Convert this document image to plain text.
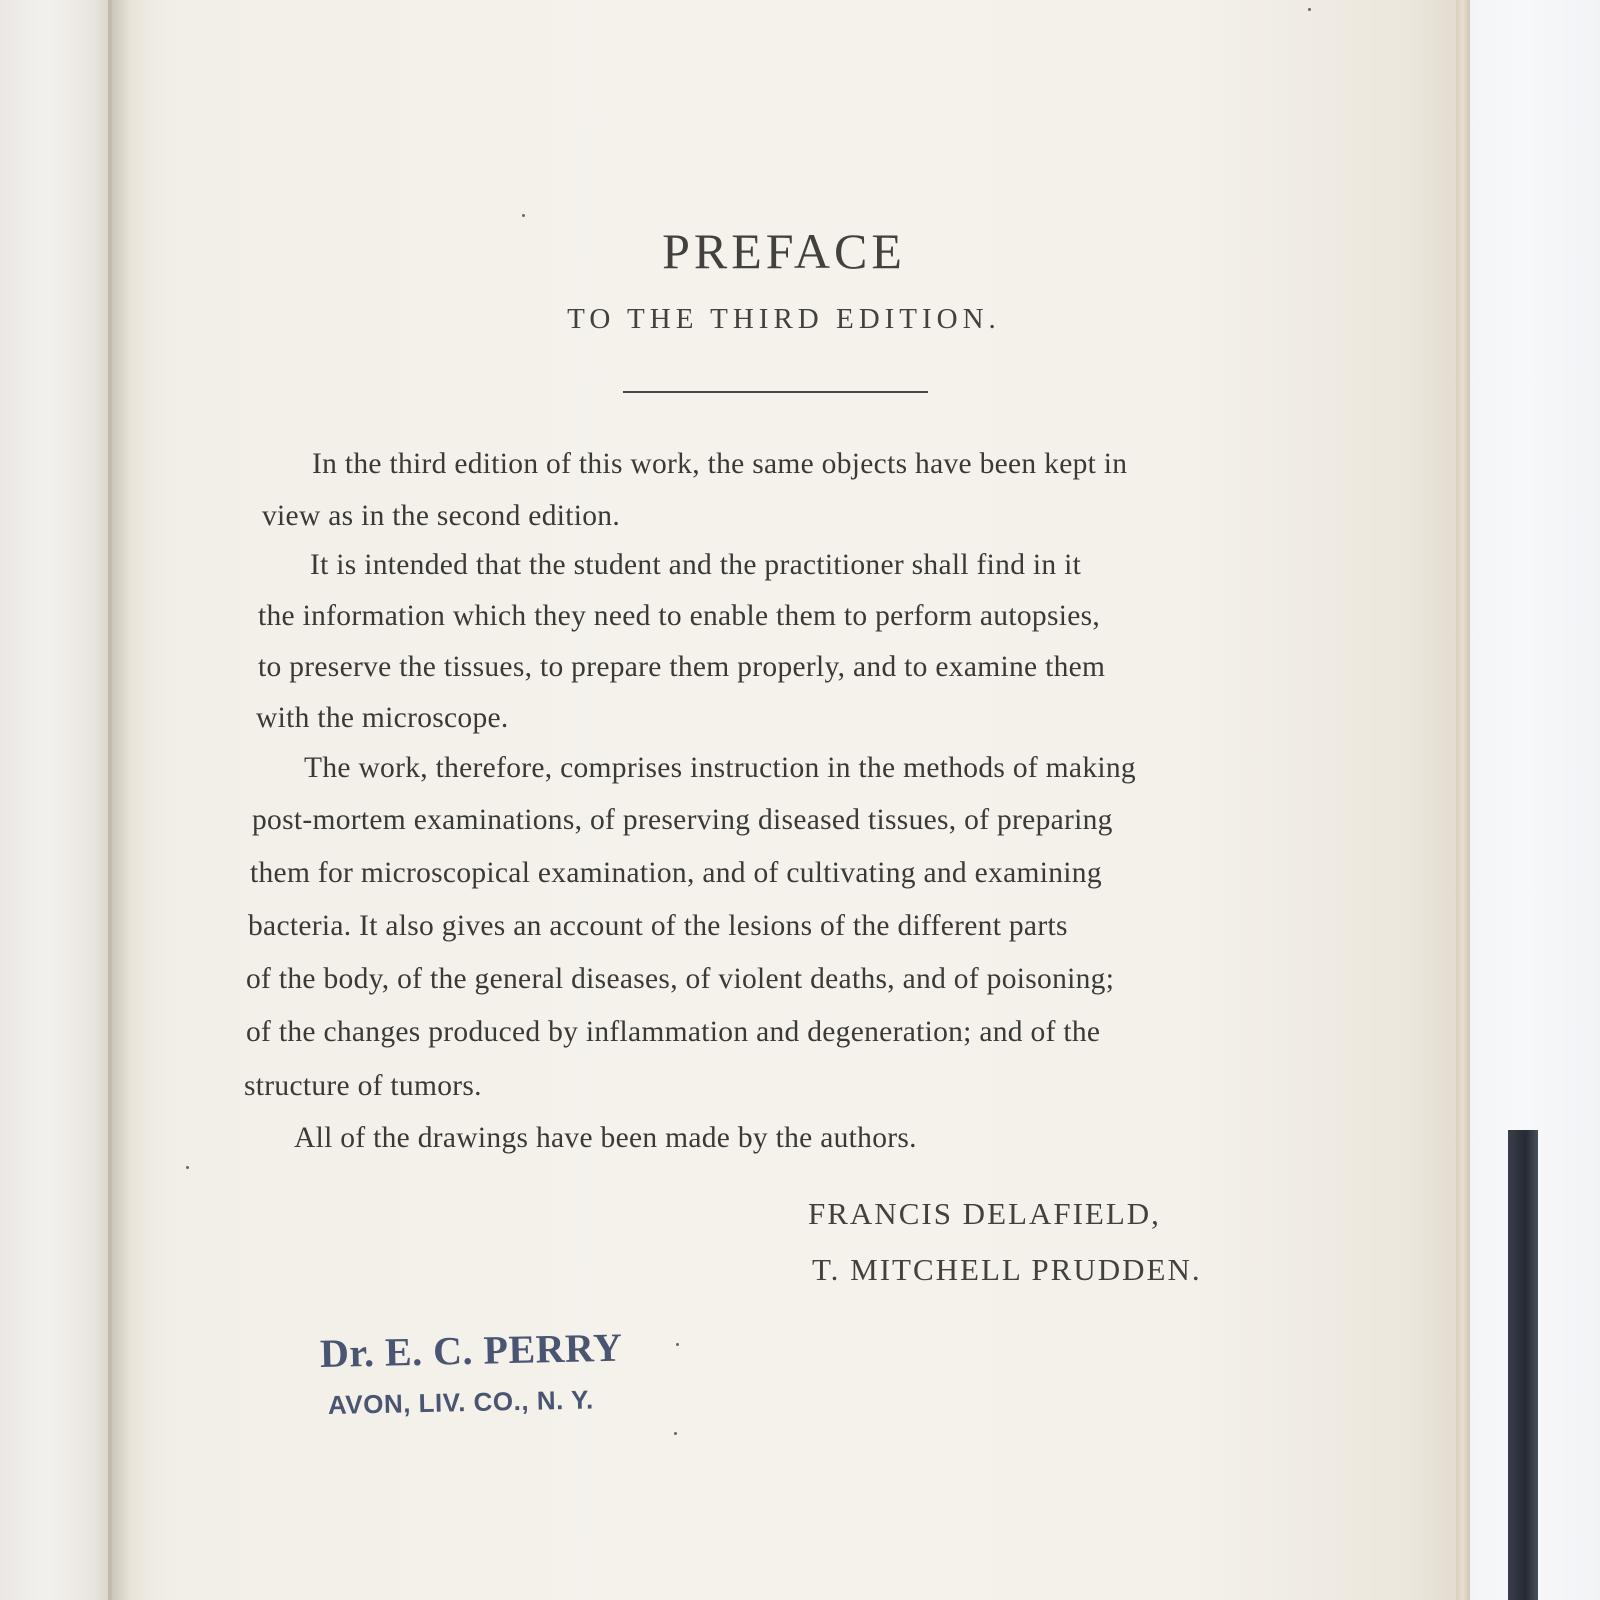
PREFACE
TO THE THIRD EDITION.
In the third edition of this work, the same objects have been kept in
view as in the second edition.
It is intended that the student and the practitioner shall find in it
the information which they need to enable them to perform autopsies,
to preserve the tissues, to prepare them properly, and to examine them
with the microscope.
The work, therefore, comprises instruction in the methods of making
post-mortem examinations, of preserving diseased tissues, of preparing
them for microscopical examination, and of cultivating and examining
bacteria. It also gives an account of the lesions of the different parts
of the body, of the general diseases, of violent deaths, and of poisoning;
of the changes produced by inflammation and degeneration; and of the
structure of tumors.
All of the drawings have been made by the authors.
FRANCIS DELAFIELD,
T. MITCHELL PRUDDEN.
Dr. E. C. PERRY
AVON, LIV. CO., N. Y.
